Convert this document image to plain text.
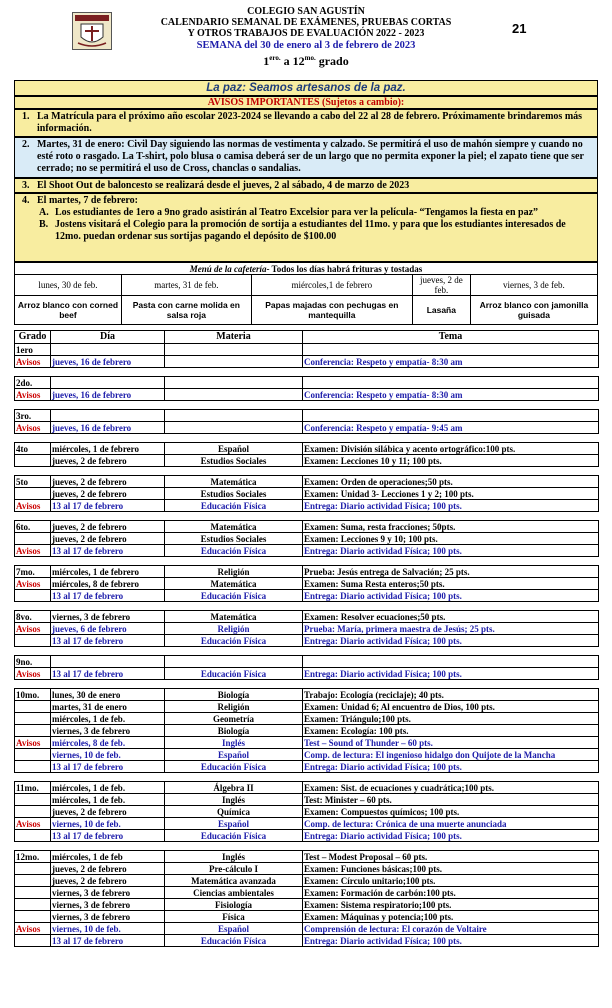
COLEGIO SAN AGUSTÍN
CALENDARIO SEMANAL DE EXÁMENES, PRUEBAS CORTAS
Y OTROS TRABAJOS DE EVALUACIÓN 2022 - 2023
SEMANA del 30 de enero al 3 de febrero de 2023
$1^{ero.}$ a $12^{mo.}$ grado
21
La paz: Seamos artesanos de la paz.
AVISOS IMPORTANTES (Sujetos a cambio):
1. La Matrícula para el próximo año escolar 2023-2024 se llevando a cabo del 22 al 28 de febrero. Próximamente brindaremos más información.
2. Martes, 31 de enero: Civil Day siguiendo las normas de vestimenta y calzado. Se permitirá el uso de mahón siempre y cuando no esté roto o rasgado. La T-shirt, polo blusa o camisa deberá ser de un largo que no permita exponer la piel; el zapato tiene que ser cerrado; no se permitirá el uso de Cross, chanclas o sandalias.
3. El Shoot Out de baloncesto se realizará desde el jueves, 2 al sábado, 4 de marzo de 2023
4. El martes, 7 de febrero:
A. Los estudiantes de 1ero a 9no grado asistirán al Teatro Excelsior para ver la película- “Tengamos la fiesta en paz”
B. Jostens visitará el Colegio para la promoción de sortija a estudiantes del 11mo. y para que los estudiantes interesados de 12mo. puedan ordenar sus sortijas pagando el depósito de $100.00
Menú de la cafetería- Todos los días habrá frituras y tostadas				
lunes, 30 de feb.	martes, 31 de feb.	miércoles,1 de febrero	jueves, 2 de feb.	viernes, 3 de feb.
Arroz blanco con corned beef	Pasta con carne molida en salsa roja	Papas majadas con pechugas en mantequilla	Lasaña	Arroz blanco con jamonilla guisada
Grado	Día	Materia	Tema
1ero			
Avisos	jueves, 16 de febrero		Conferencia: Respeto y empatía- 8:30 am

2do.			
Avisos	jueves, 16 de febrero		Conferencia: Respeto y empatía- 8:30 am

3ro.			
Avisos	jueves, 16 de febrero		Conferencia: Respeto y empatía- 9:45 am

4to	miércoles, 1 de febrero	Español	Examen: División silábica y acento ortográfico:100 pts.
	jueves, 2 de febrero	Estudios Sociales	Examen: Lecciones 10 y 11; 100 pts.

5to	jueves, 2 de febrero	Matemática	Examen: Orden de operaciones;50 pts.
	jueves, 2 de febrero	Estudios Sociales	Examen: Unidad 3- Lecciones 1 y 2; 100 pts.
Avisos	13 al 17 de febrero	Educación Física	Entrega: Diario actividad Física; 100 pts.

6to.	jueves, 2 de febrero	Matemática	Examen: Suma, resta fracciones; 50pts.
	jueves, 2 de febrero	Estudios Sociales	Examen: Lecciones 9 y 10; 100 pts.
Avisos	13 al 17 de febrero	Educación Física	Entrega: Diario actividad Física; 100 pts.

7mo.	miércoles, 1 de febrero	Religión	Prueba: Jesús entrega de Salvación; 25 pts.
Avisos	miércoles, 8 de febrero	Matemática	Examen: Suma Resta enteros;50 pts.
	13 al 17 de febrero	Educación Física	Entrega: Diario actividad Física; 100 pts.

8vo.	viernes, 3 de febrero	Matemática	Examen: Resolver ecuaciones;50 pts.
Avisos	jueves, 6 de febrero	Religión	Prueba: María, primera maestra de Jesús; 25 pts.
	13 al 17 de febrero	Educación Física	Entrega: Diario actividad Física; 100 pts.

9no.			
Avisos	13 al 17 de febrero	Educación Física	Entrega: Diario actividad Física; 100 pts.

10mo.	lunes, 30 de enero	Biología	Trabajo: Ecología (reciclaje); 40 pts.
	martes, 31 de enero	Religión	Examen: Unidad 6; Al encuentro de Dios, 100 pts.
	miércoles, 1 de feb.	Geometría	Examen: Triángulo;100 pts.
	viernes, 3 de febrero	Biología	Examen: Ecología: 100 pts.
Avisos	miércoles, 8 de feb.	Inglés	Test – Sound of Thunder – 60 pts.
	viernes, 10 de feb.	Español	Comp. de lectura: El ingenioso hidalgo don Quijote de la Mancha
	13 al 17 de febrero	Educación Física	Entrega: Diario actividad Física; 100 pts.

11mo.	miércoles, 1 de feb.	Álgebra II	Examen: Sist. de ecuaciones y cuadrática;100 pts.
	miércoles, 1 de feb.	Inglés	Test: Minister – 60 pts.
	jueves, 2 de febrero	Química	Examen: Compuestos químicos; 100 pts.
Avisos	viernes, 10 de feb.	Español	Comp. de lectura: Crónica de una muerte anunciada
	13 al 17 de febrero	Educación Física	Entrega: Diario actividad Física; 100 pts.

12mo.	miércoles, 1 de feb	Inglés	Test – Modest Proposal – 60 pts.
	jueves, 2 de febrero	Pre-cálculo I	Examen: Funciones básicas;100 pts.
	jueves, 2 de febrero	Matemática avanzada	Examen: Círculo unitario;100 pts.
	viernes, 3 de febrero	Ciencias ambientales	Examen: Formación de carbón:100 pts.
	viernes, 3 de febrero	Fisiología	Examen: Sistema respiratorio;100 pts.
	viernes, 3 de febrero	Física	Examen: Máquinas y potencia;100 pts.
Avisos	viernes, 10 de feb.	Español	Comprensión de lectura: El corazón de Voltaire
	13 al 17 de febrero	Educación Física	Entrega: Diario actividad Física; 100 pts.
